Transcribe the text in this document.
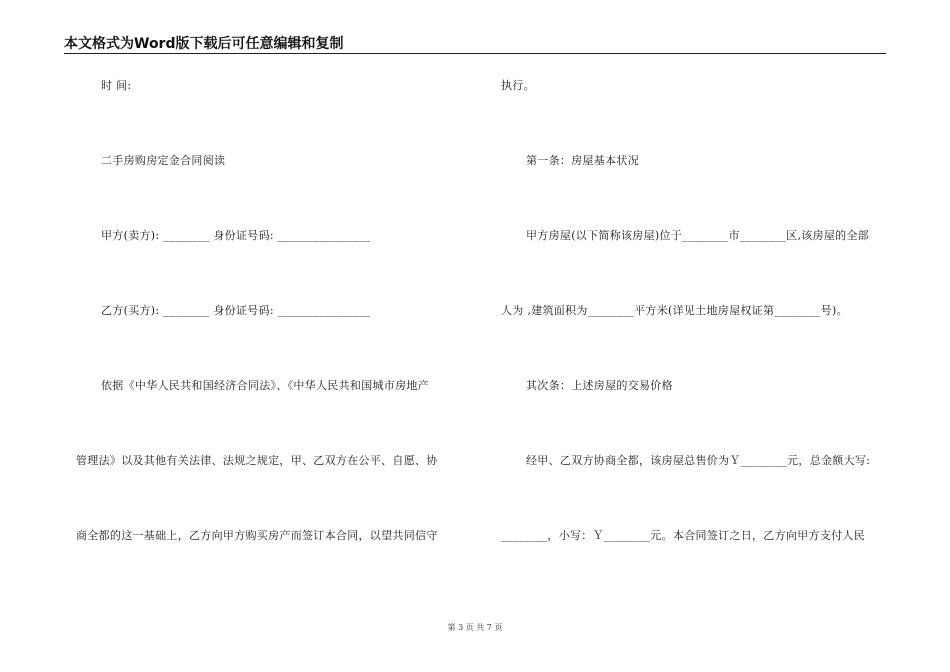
本文格式为Word版下载后可任意编辑和复制
时 间:
二手房购房定金合同阅读
甲方(卖方): ________ 身份证号码: ________________
乙方(买方): ________ 身份证号码: ________________
依据《中华人民共和国经济合同法》、《中华人民共和国城市房地产
管理法》以及其他有关法律、法规之规定，甲、乙双方在公平、自愿、协
商全都的这一基础上，乙方向甲方购买房产而签订本合同，以望共同信守
执行。
第一条：房屋基本状况
甲方房屋(以下简称该房屋)位于________市________区,该房屋的全部
人为 ,建筑面积为________平方米(详见土地房屋权证第________号)。
其次条：上述房屋的交易价格
经甲、乙双方协商全都，该房屋总售价为Ｙ________元，总金额大写:
________，小写：Ｙ________元。本合同签订之日，乙方向甲方支付人民
第 3 页 共 7 页
